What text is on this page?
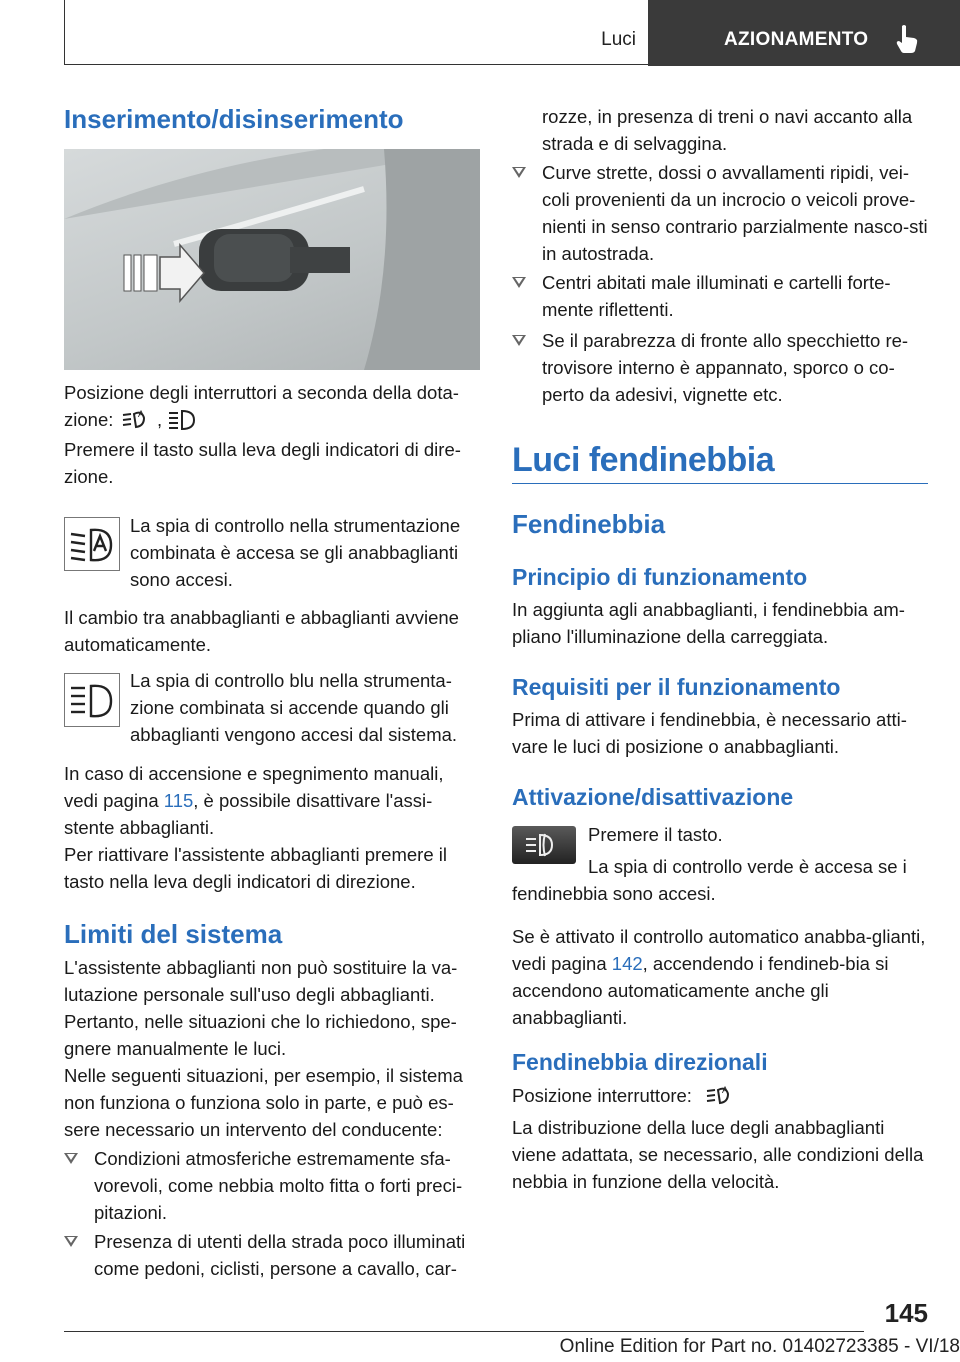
Luci	AZIONAMENTO
Inserimento/disinserimento
Posizione degli interruttori a seconda della dota-
zione:	A ,
Premere il tasto sulla leva degli indicatori di dire-zione.
La spia di controllo nella strumentazione combinata è accesa se gli anabbaglianti sono accesi.
Il cambio tra anabbaglianti e abbaglianti avviene automaticamente.
La spia di controllo blu nella strumenta-zione combinata si accende quando gli abbaglianti vengono accesi dal sistema.
In caso di accensione e spegnimento manuali, vedi pagina 115, è possibile disattivare l'assi-stente abbaglianti.
Per riattivare l'assistente abbaglianti premere il tasto nella leva degli indicatori di direzione.
Limiti del sistema
L'assistente abbaglianti non può sostituire la va-lutazione personale sull'uso degli abbaglianti. Pertanto, nelle situazioni che lo richiedono, spe-gnere manualmente le luci.
Nelle seguenti situazioni, per esempio, il sistema non funziona o funziona solo in parte, e può es-sere necessario un intervento del conducente:
Condizioni atmosferiche estremamente sfa-vorevoli, come nebbia molto fitta o forti preci-pitazioni.
Presenza di utenti della strada poco illuminati come pedoni, ciclisti, persone a cavallo, car-
rozze, in presenza di treni o navi accanto alla strada e di selvaggina.
Curve strette, dossi o avvallamenti ripidi, vei-coli provenienti da un incrocio o veicoli prove-nienti in senso contrario parzialmente nasco-sti in autostrada.
Centri abitati male illuminati e cartelli forte-mente riflettenti.
Se il parabrezza di fronte allo specchietto re-trovisore interno è appannato, sporco o co-perto da adesivi, vignette etc.
Luci fendinebbia
Fendinebbia
Principio di funzionamento
In aggiunta agli anabbaglianti, i fendinebbia am-pliano l'illuminazione della carreggiata.
Requisiti per il funzionamento
Prima di attivare i fendinebbia, è necessario atti-vare le luci di posizione o anabbaglianti.
Attivazione/disattivazione
Premere il tasto.
La spia di controllo verde è accesa se i fendinebbia sono accesi.
Se è attivato il controllo automatico anabba-glianti, vedi pagina 142, accendendo i fendineb-bia si accendono automaticamente anche gli anabbaglianti.
Fendinebbia direzionali
Posizione interruttore:	A
La distribuzione della luce degli anabbaglianti viene adattata, se necessario, alle condizioni della nebbia in funzione della velocità.
145
Online Edition for Part no. 01402723385 - VI/18
